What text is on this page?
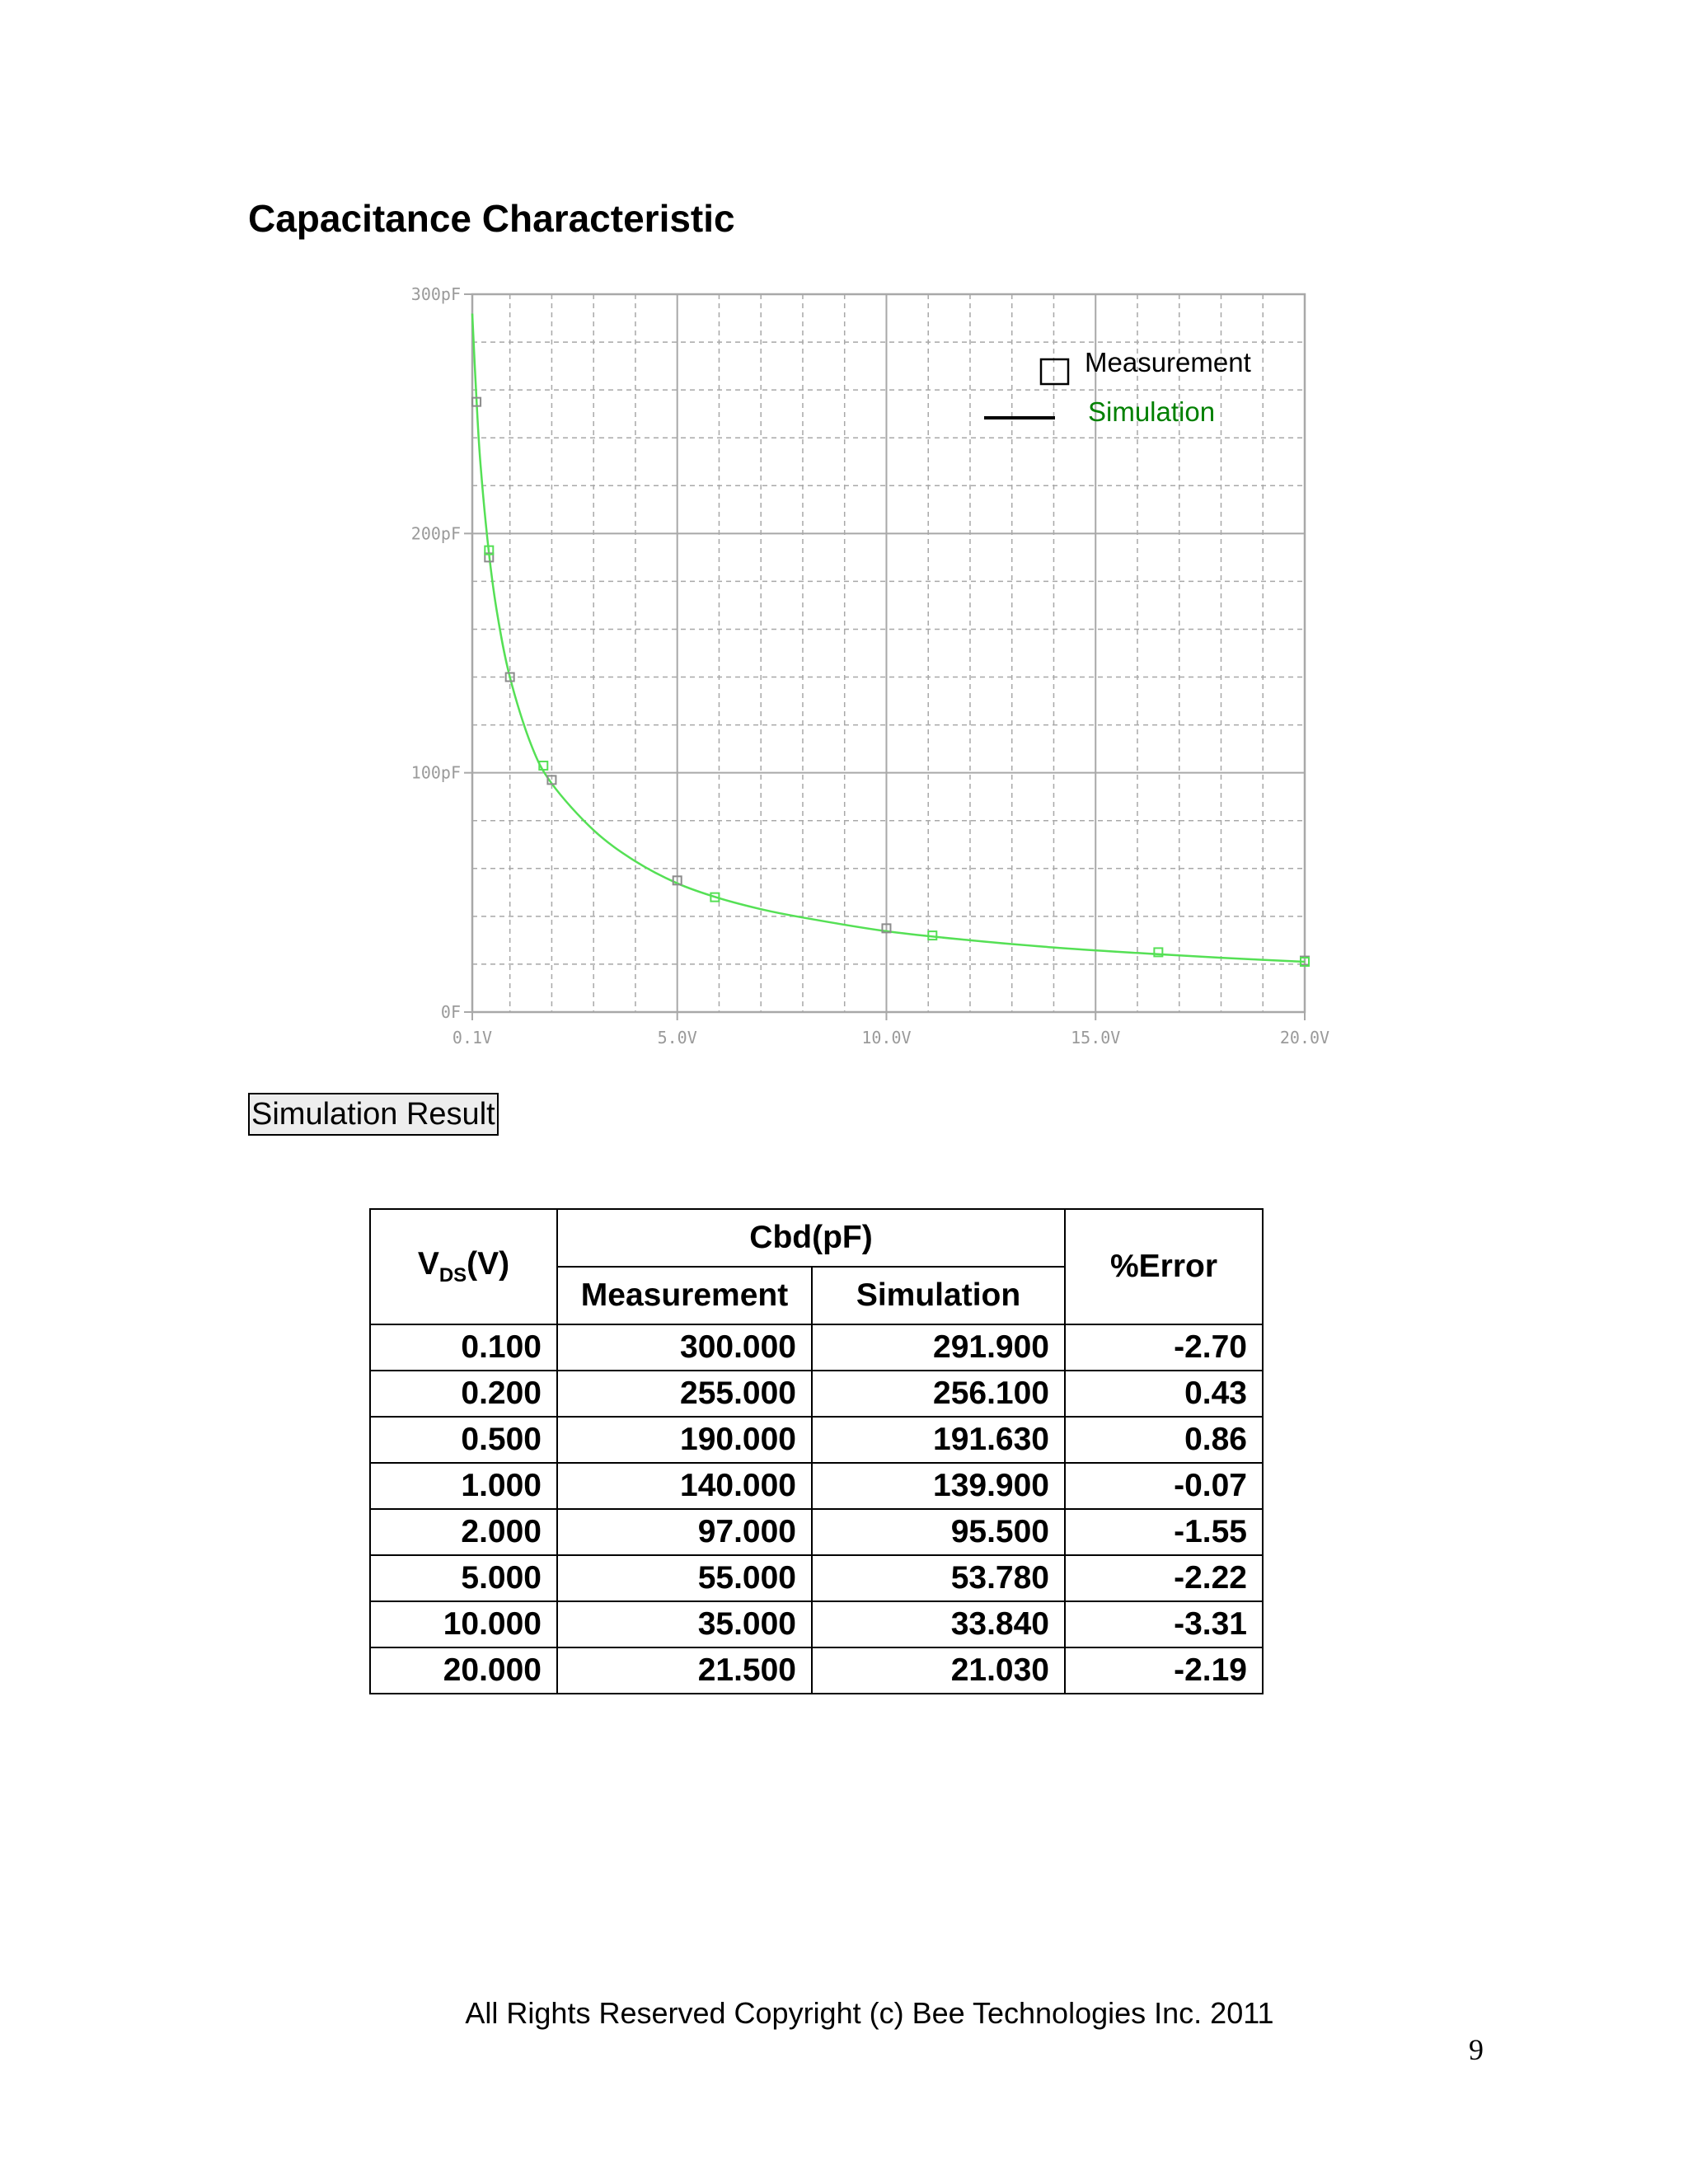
Capacitance Characteristic
0.1V	5.0V	10.0V	15.0V	20.0V
0F
100pF
200pF
300pF
Measurement
Simulation
Simulation Result
$V_{DS}(V)$	Cbd(pF)		%Error
	Measurement	Simulation	
0.100	300.000	291.900	-2.70
0.200	255.000	256.100	0.43
0.500	190.000	191.630	0.86
1.000	140.000	139.900	-0.07
2.000	97.000	95.500	-1.55
5.000	55.000	53.780	-2.22
10.000	35.000	33.840	-3.31
20.000	21.500	21.030	-2.19
All Rights Reserved Copyright (c) Bee Technologies Inc. 2011
9
